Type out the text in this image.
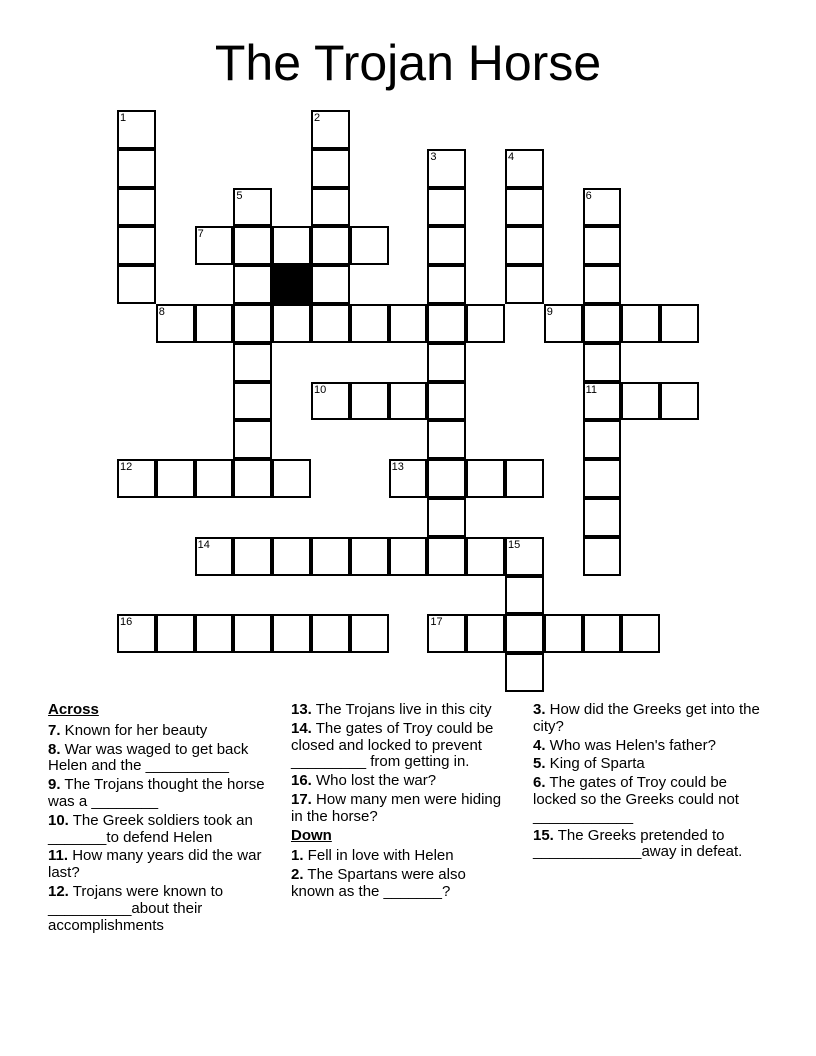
The Trojan Horse
1	2
3	4
5	6
7
8	9
10	11
12	13
14	15
16	17
Across
7. Known for her beauty
8. War was waged to get back Helen and the __________
9. The Trojans thought the horse was a ________
10. The Greek soldiers took an _______to defend Helen
11. How many years did the war last?
12. Trojans were known to __________about their accomplishments
13. The Trojans live in this city
14. The gates of Troy could be closed and locked to prevent _________ from getting in.
16. Who lost the war?
17. How many men were hiding in the horse?
Down
1. Fell in love with Helen
2. The Spartans were also known as the _______?
3. How did the Greeks get into the city?
4. Who was Helen's father?
5. King of Sparta
6. The gates of Troy could be locked so the Greeks could not ____________
15. The Greeks pretended to _____________away in defeat.
